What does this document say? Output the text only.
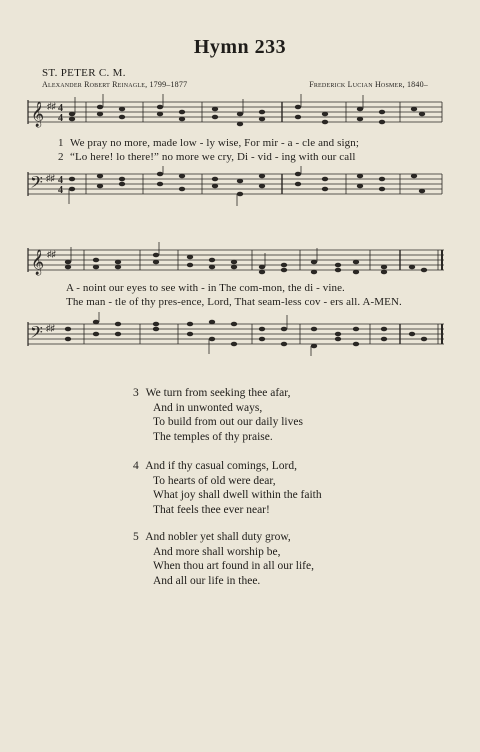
Hymn 233
ST. PETER C. M.
Alexander Robert Reinagle, 1799–1877	Frederick Lucian Hosmer, 1840–
𝄞 ♯♯ 4
4
1 We pray no more, made low - ly wise, For mir - a - cle and sign;
2 “Lo here! lo there!” no more we cry, Di - vid - ing with our call
𝄢 ♯♯ 4
4
𝄞 ♯♯
A - noint our eyes to see with - in The com-mon, the di - vine.
The man - tle of thy pres-ence, Lord, That seam-less cov - ers all. A-MEN.
𝄢 ♯♯
3 We turn from seeking thee afar,
And in unwonted ways,
To build from out our daily lives
The temples of thy praise.
4 And if thy casual comings, Lord,
To hearts of old were dear,
What joy shall dwell within the faith
That feels thee ever near!
5 And nobler yet shall duty grow,
And more shall worship be,
When thou art found in all our life,
And all our life in thee.
